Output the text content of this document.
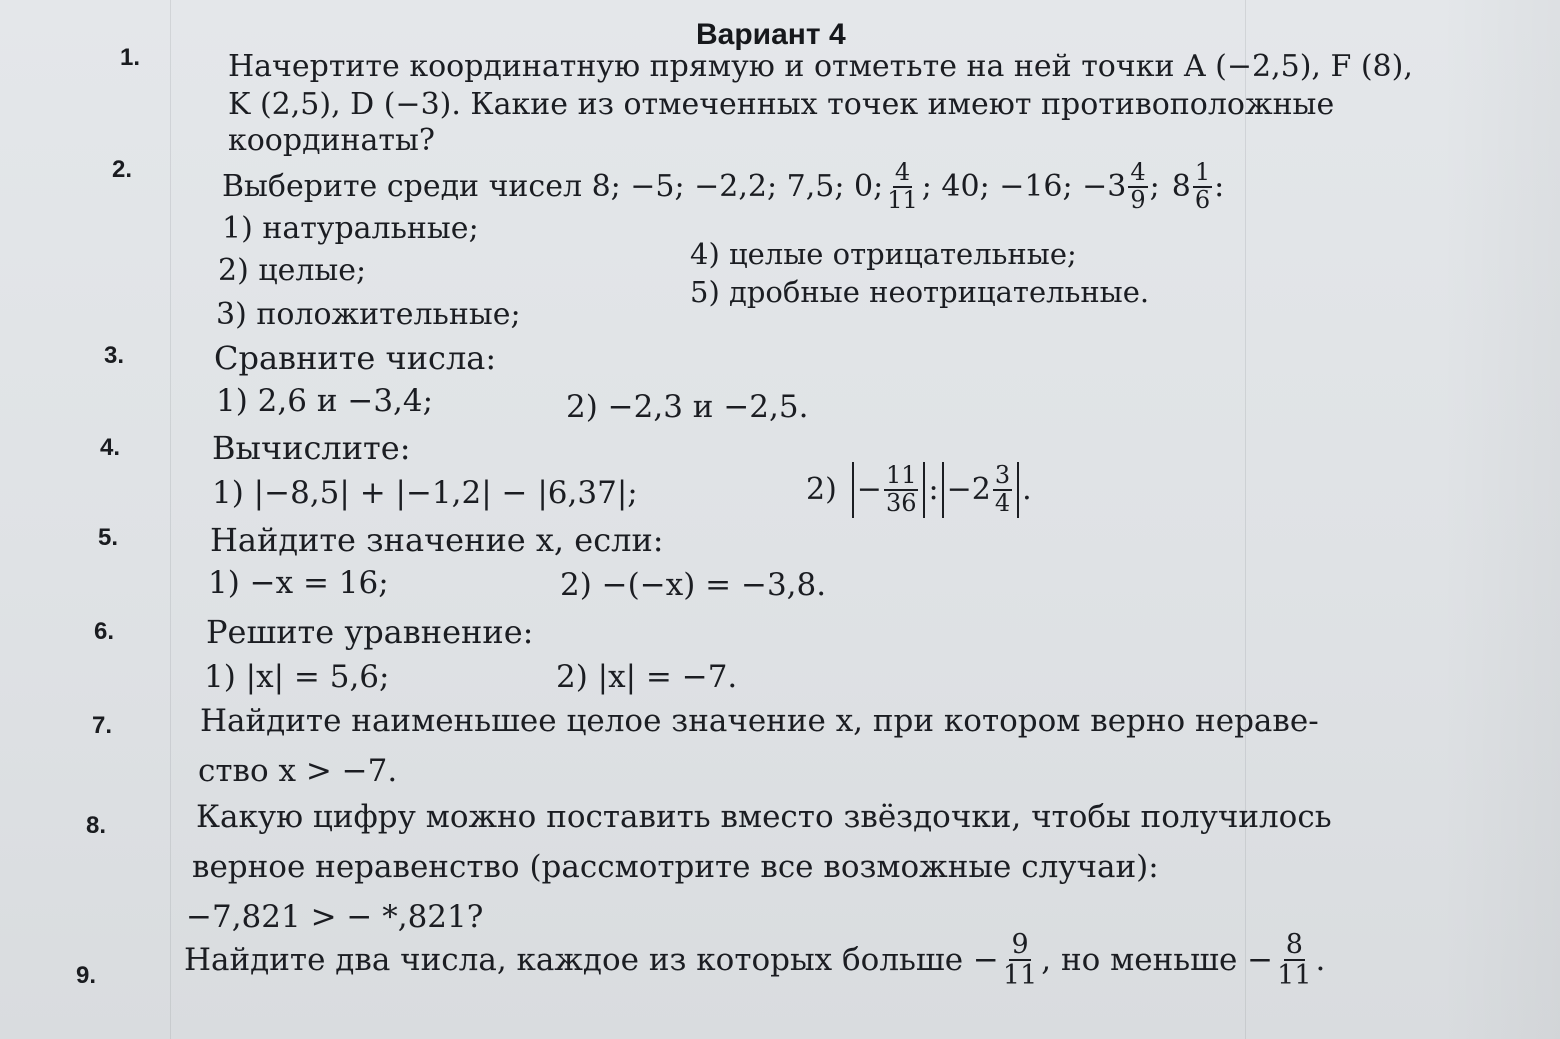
Вариант 4
1.	Начертите координатную прямую и отметьте на ней точки A (−2,5), F (8),
K (2,5), D (−3). Какие из отмеченных точек имеют противоположные
координаты?
2.	Выберите среди чисел 8; −5; −2,2; 7,5; 0; $\frac{4}{11}$ ; 40; −16; $-3 \frac{4}{9}$ ; $8 \frac{1}{6}$ :
1) натуральные;
2) целые;
3) положительные;
4) целые отрицательные;
5) дробные неотрицательные.
3.	Сравните числа:
1) 2,6 и −3,4;	2) −2,3 и −2,5.
4.	Вычислите:
1) |−8,5| + |−1,2| − |6,37|;	$2) - \frac{11}{36}$ : $-2 \frac{3}{4}$ .
5.	Найдите значение x, если:
1) −x = 16;	2) −(−x) = −3,8.
6.	Решите уравнение:
1) |x| = 5,6;	2) |x| = −7.
7.	Найдите наименьшее целое значение x, при котором верно нераве-
ство x > −7.
8.	Какую цифру можно поставить вместо звёздочки, чтобы получилось
верное неравенство (рассмотрите все возможные случаи):
−7,821 > − *,821?
9.	Найдите два числа, каждое из которых больше − $\frac{9}{11}$ , но меньше − $\frac{8}{11}$ .
